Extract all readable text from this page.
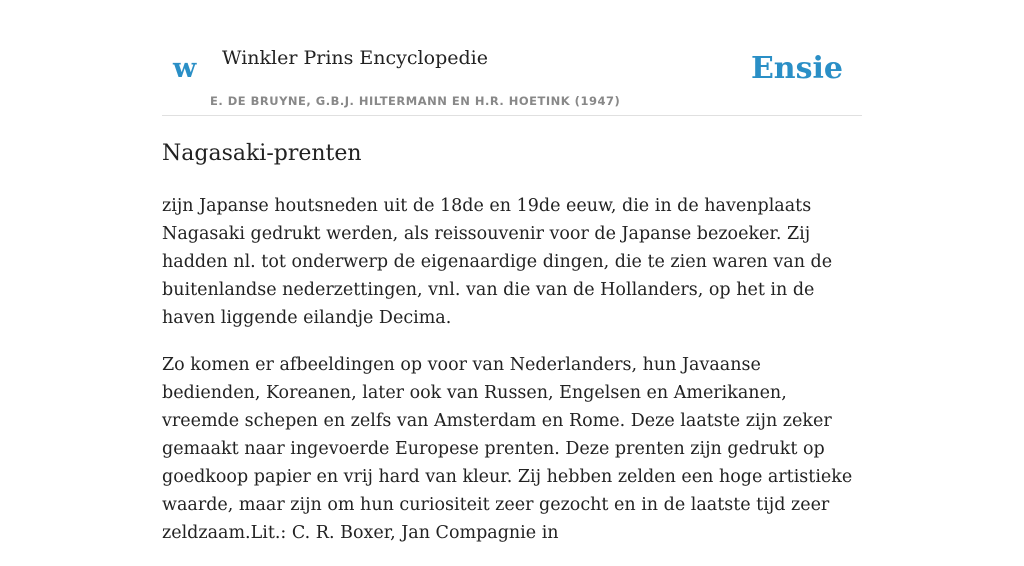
w Winkler Prins Encyclopedie
E. DE BRUYNE, G.B.J. HILTERMANN EN H.R. HOETINK (1947)
Ensie
Nagasaki-prenten

zijn Japanse houtsneden uit de 18de en 19de eeuw, die in de havenplaats Nagasaki gedrukt werden, als reissouvenir voor de Japanse bezoeker. Zij hadden nl. tot onderwerp de eigenaardige dingen, die te zien waren van de buitenlandse nederzettingen, vnl. van die van de Hollanders, op het in de haven liggende eilandje Decima.

Zo komen er afbeeldingen op voor van Nederlanders, hun Javaanse bedienden, Koreanen, later ook van Russen, Engelsen en Amerikanen, vreemde schepen en zelfs van Amsterdam en Rome. Deze laatste zijn zeker gemaakt naar ingevoerde Europese prenten. Deze prenten zijn gedrukt op goedkoop papier en vrij hard van kleur. Zij hebben zelden een hoge artistieke waarde, maar zijn om hun curiositeit zeer gezocht en in de laatste tijd zeer zeldzaam.Lit.: C. R. Boxer, Jan Compagnie in
